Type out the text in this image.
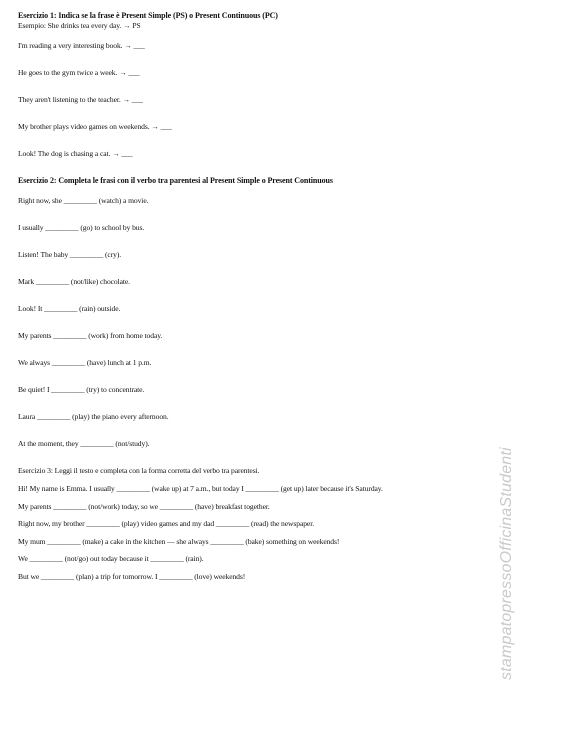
Esercizio 1: Indica se la frase è Present Simple (PS) o Present Continuous (PC)
Esempio: She drinks tea every day. → PS
I'm reading a very interesting book. → ___
He goes to the gym twice a week. → ___
They aren't listening to the teacher. → ___
My brother plays video games on weekends. → ___
Look! The dog is chasing a cat. → ___
Esercizio 2: Completa le frasi con il verbo tra parentesi al Present Simple o Present Continuous
Right now, she _________ (watch) a movie.
I usually _________ (go) to school by bus.
Listen! The baby _________ (cry).
Mark _________ (not/like) chocolate.
Look! It _________ (rain) outside.
My parents _________ (work) from home today.
We always _________ (have) lunch at 1 p.m.
Be quiet! I _________ (try) to concentrate.
Laura _________ (play) the piano every afternoon.
At the moment, they _________ (not/study).
Esercizio 3: Leggi il testo e completa con la forma corretta del verbo tra parentesi.
Hi! My name is Emma. I usually _________ (wake up) at 7 a.m., but today I _________ (get up) later because it's Saturday.
My parents _________ (not/work) today, so we _________ (have) breakfast together.
Right now, my brother _________ (play) video games and my dad _________ (read) the newspaper.
My mum _________ (make) a cake in the kitchen — she always _________ (bake) something on weekends!
We _________ (not/go) out today because it _________ (rain).
But we _________ (plan) a trip for tomorrow. I _________ (love) weekends!	stampatopressoOfficinaStudenti
